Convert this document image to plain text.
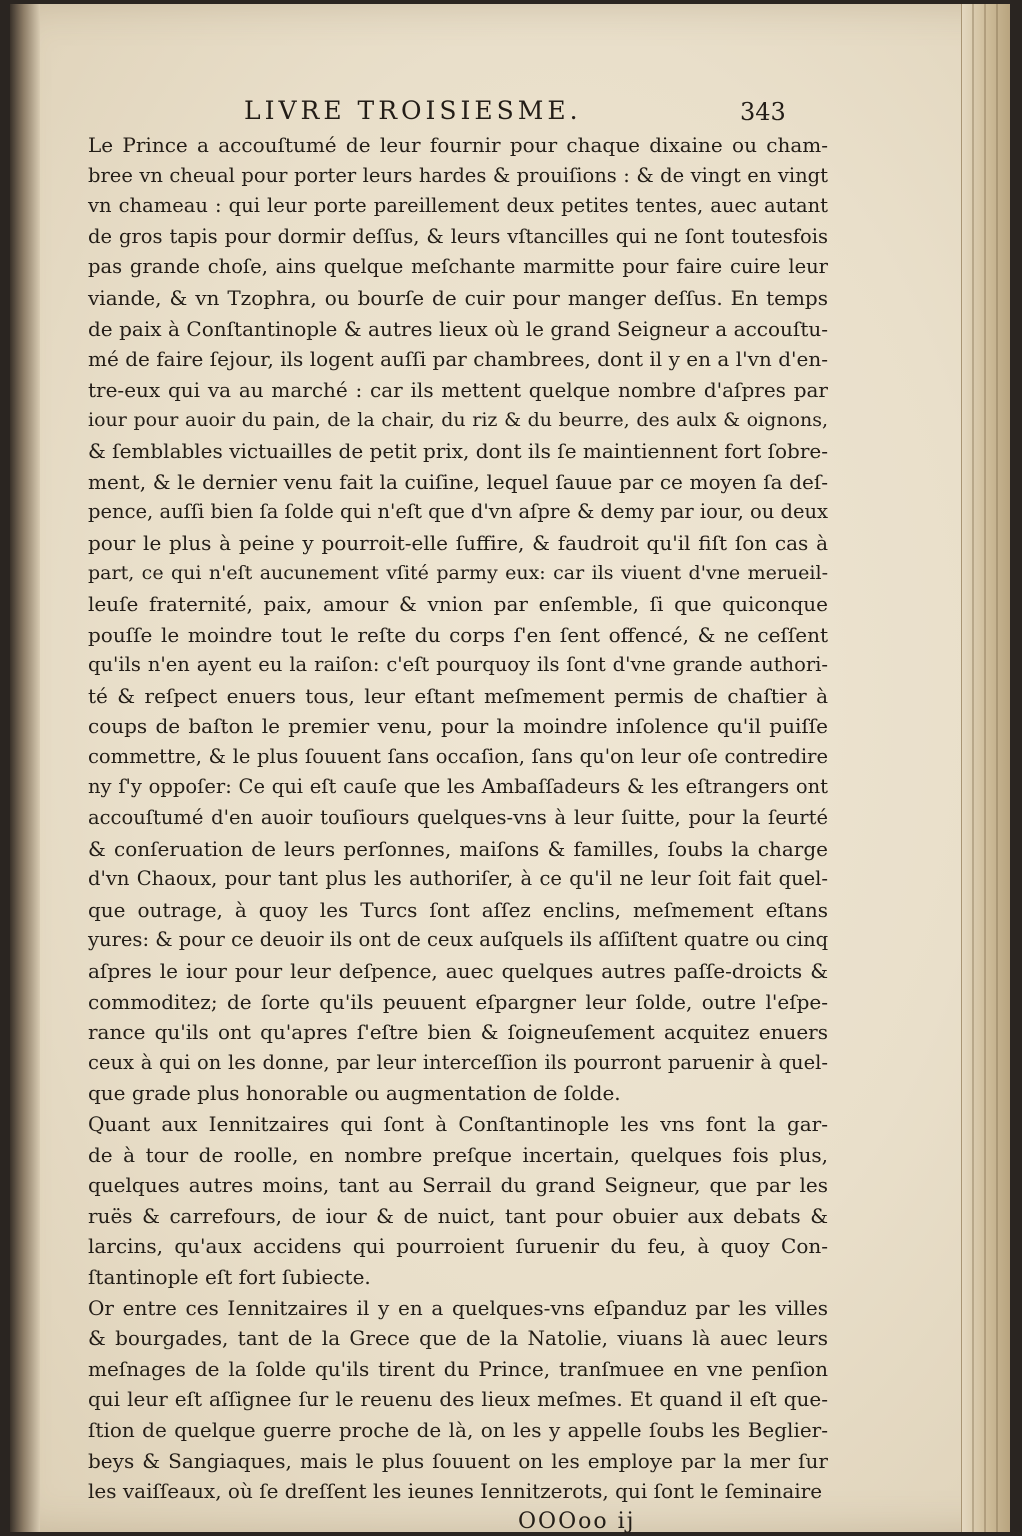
LIVRE TROISIESME.	343
Le Prince a accouſtumé de leur fournir pour chaque dixaine ou cham-
bree vn cheual pour porter leurs hardes & prouiſions : & de vingt en vingt
vn chameau : qui leur porte pareillement deux petites tentes, auec autant
de gros tapis pour dormir deſſus, & leurs vſtancilles qui ne ſont toutesfois
pas grande choſe, ains quelque meſchante marmitte pour faire cuire leur
viande, & vn Tzophra, ou bourſe de cuir pour manger deſſus. En temps
de paix à Conſtantinople & autres lieux où le grand Seigneur a accouſtu-
mé de faire ſejour, ils logent auſſi par chambrees, dont il y en a l'vn d'en-
tre-eux qui va au marché : car ils mettent quelque nombre d'aſpres par
iour pour auoir du pain, de la chair, du riz & du beurre, des aulx & oignons,
& ſemblables victuailles de petit prix, dont ils ſe maintiennent fort ſobre-
ment, & le dernier venu fait la cuiſine, lequel ſauue par ce moyen ſa deſ-
pence, auſſi bien ſa ſolde qui n'eſt que d'vn aſpre & demy par iour, ou deux
pour le plus à peine y pourroit-elle ſuffire, & faudroit qu'il fiſt ſon cas à
part, ce qui n'eſt aucunement vſité parmy eux: car ils viuent d'vne merueil-
leuſe fraternité, paix, amour & vnion par enſemble, ſi que quiconque
pouſſe le moindre tout le reſte du corps ſ'en ſent offencé, & ne ceſſent
qu'ils n'en ayent eu la raiſon: c'eſt pourquoy ils ſont d'vne grande authori-
té & reſpect enuers tous, leur eſtant meſmement permis de chaſtier à
coups de baſton le premier venu, pour la moindre inſolence qu'il puiſſe
commettre, & le plus ſouuent ſans occaſion, ſans qu'on leur oſe contredire
ny ſ'y oppoſer: Ce qui eſt cauſe que les Ambaſſadeurs & les eſtrangers ont
accouſtumé d'en auoir touſiours quelques-vns à leur ſuitte, pour la ſeurté
& conſeruation de leurs perſonnes, maiſons & familles, ſoubs la charge
d'vn Chaoux, pour tant plus les authoriſer, à ce qu'il ne leur ſoit fait quel-
que outrage, à quoy les Turcs ſont aſſez enclins, meſmement eſtans
yures: & pour ce deuoir ils ont de ceux auſquels ils aſſiſtent quatre ou cinq
aſpres le iour pour leur deſpence, auec quelques autres paſſe-droicts &
commoditez; de ſorte qu'ils peuuent eſpargner leur ſolde, outre l'eſpe-
rance qu'ils ont qu'apres ſ'eſtre bien & ſoigneuſement acquitez enuers
ceux à qui on les donne, par leur interceſſion ils pourront paruenir à quel-
que grade plus honorable ou augmentation de ſolde.
Quant aux Iennitzaires qui ſont à Conſtantinople les vns font la gar-
de à tour de roolle, en nombre preſque incertain, quelques fois plus,
quelques autres moins, tant au Serrail du grand Seigneur, que par les
ruës & carrefours, de iour & de nuict, tant pour obuier aux debats &
larcins, qu'aux accidens qui pourroient ſuruenir du feu, à quoy Con-
ſtantinople eſt fort ſubiecte.
Or entre ces Iennitzaires il y en a quelques-vns eſpanduz par les villes
& bourgades, tant de la Grece que de la Natolie, viuans là auec leurs
meſnages de la ſolde qu'ils tirent du Prince, tranſmuee en vne penſion
qui leur eſt aſſignee ſur le reuenu des lieux meſmes. Et quand il eſt que-
ſtion de quelque guerre proche de là, on les y appelle ſoubs les Beglier-
beys & Sangiaques, mais le plus ſouuent on les employe par la mer ſur
les vaiſſeaux, où ſe dreſſent les ieunes Iennitzerots, qui ſont le ſeminaire
OOOoo ij
